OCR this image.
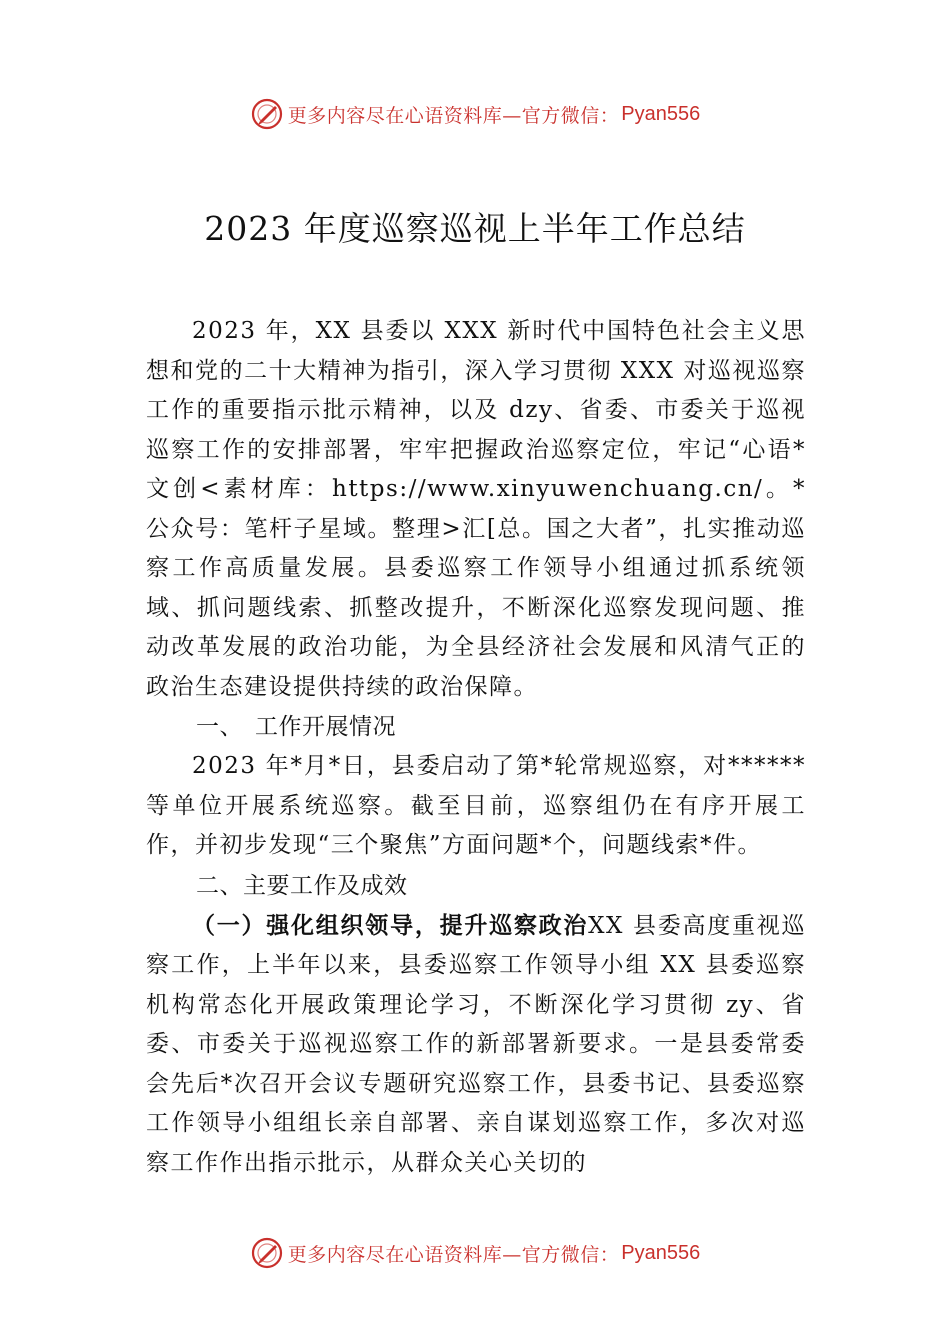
更多内容尽在心语资料库—官方微信： Pyan556
2023 年度巡察巡视上半年工作总结

2023 年，XX 县委以 XXX 新时代中国特色社会主义思想和党的二十大精神为指引，深入学习贯彻 XXX 对巡视巡察工作的重要指示批示精神，以及 dzy、省委、市委关于巡视巡察工作的安排部署，牢牢把握政治巡察定位，牢记“心语*文创<素材库：https://www.xinyuwenchuang.cn/。*公众号：笔杆子星域。整理>汇[总。国之大者”，扎实推动巡察工作高质量发展。县委巡察工作领导小组通过抓系统领域、抓问题线索、抓整改提升，不断深化巡察发现问题、推动改革发展的政治功能，为全县经济社会发展和风清气正的政治生态建设提供持续的政治保障。

一、　工作开展情况

2023 年*月*日，县委启动了第*轮常规巡察，对******等单位开展系统巡察。截至目前，巡察组仍在有序开展工作，并初步发现“三个聚焦”方面问题*个，问题线索*件。

二、主要工作及成效

（一）强化组织领导，提升巡察政治XX 县委高度重视巡察工作，上半年以来，县委巡察工作领导小组 XX 县委巡察机构常态化开展政策理论学习，不断深化学习贯彻 zy、省委、市委关于巡视巡察工作的新部署新要求。一是县委常委会先后*次召开会议专题研究巡察工作，县委书记、县委巡察工作领导小组组长亲自部署、亲自谋划巡察工作，多次对巡察工作作出指示批示，从群众关心关切的

更多内容尽在心语资料库—官方微信： Pyan556
